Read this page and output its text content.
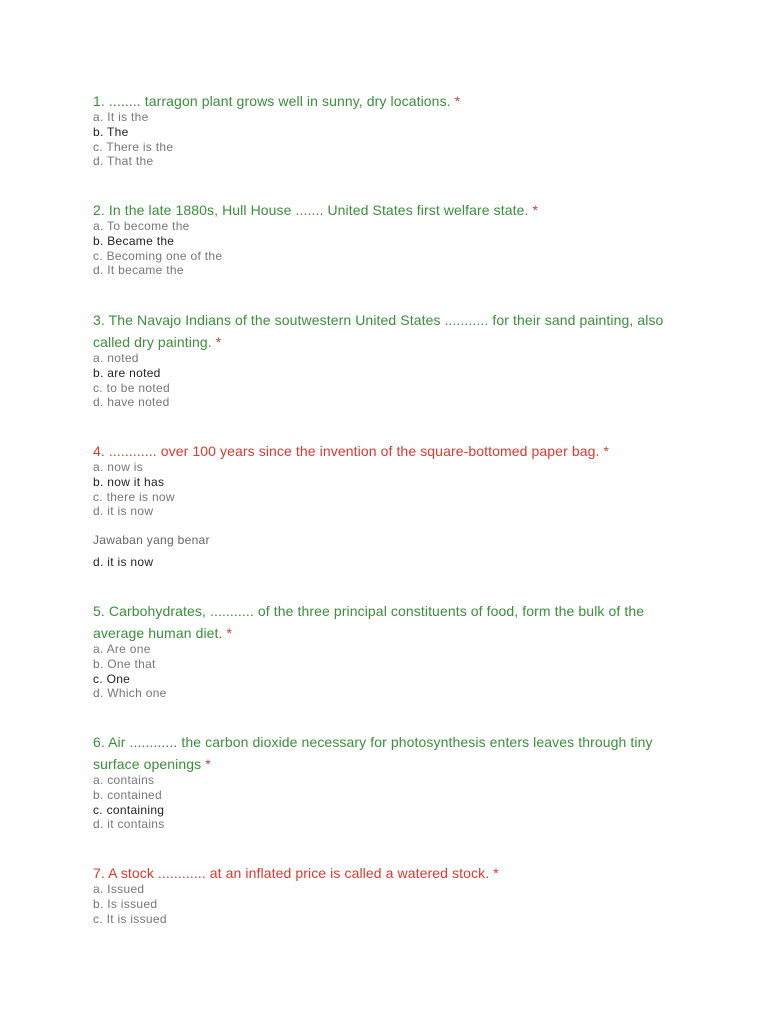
1. ........ tarragon plant grows well in sunny, dry locations. *
a. It is the
b. The
c. There is the
d. That the
2. In the late 1880s, Hull House ....... United States first welfare state. *
a. To become the
b. Became the
c. Becoming one of the
d. It became the
3. The Navajo Indians of the soutwestern United States ........... for their sand painting, also called dry painting. *
a. noted
b. are noted
c. to be noted
d. have noted
4. ............ over 100 years since the invention of the square-bottomed paper bag. *
a. now is
b. now it has
c. there is now
d. it is now
Jawaban yang benar
d. it is now
5. Carbohydrates, ........... of the three principal constituents of food, form the bulk of the average human diet. *
a. Are one
b. One that
c. One
d. Which one
6. Air ............ the carbon dioxide necessary for photosynthesis enters leaves through tiny surface openings *
a. contains
b. contained
c. containing
d. it contains
7. A stock ............ at an inflated price is called a watered stock. *
a. Issued
b. Is issued
c. It is issued
